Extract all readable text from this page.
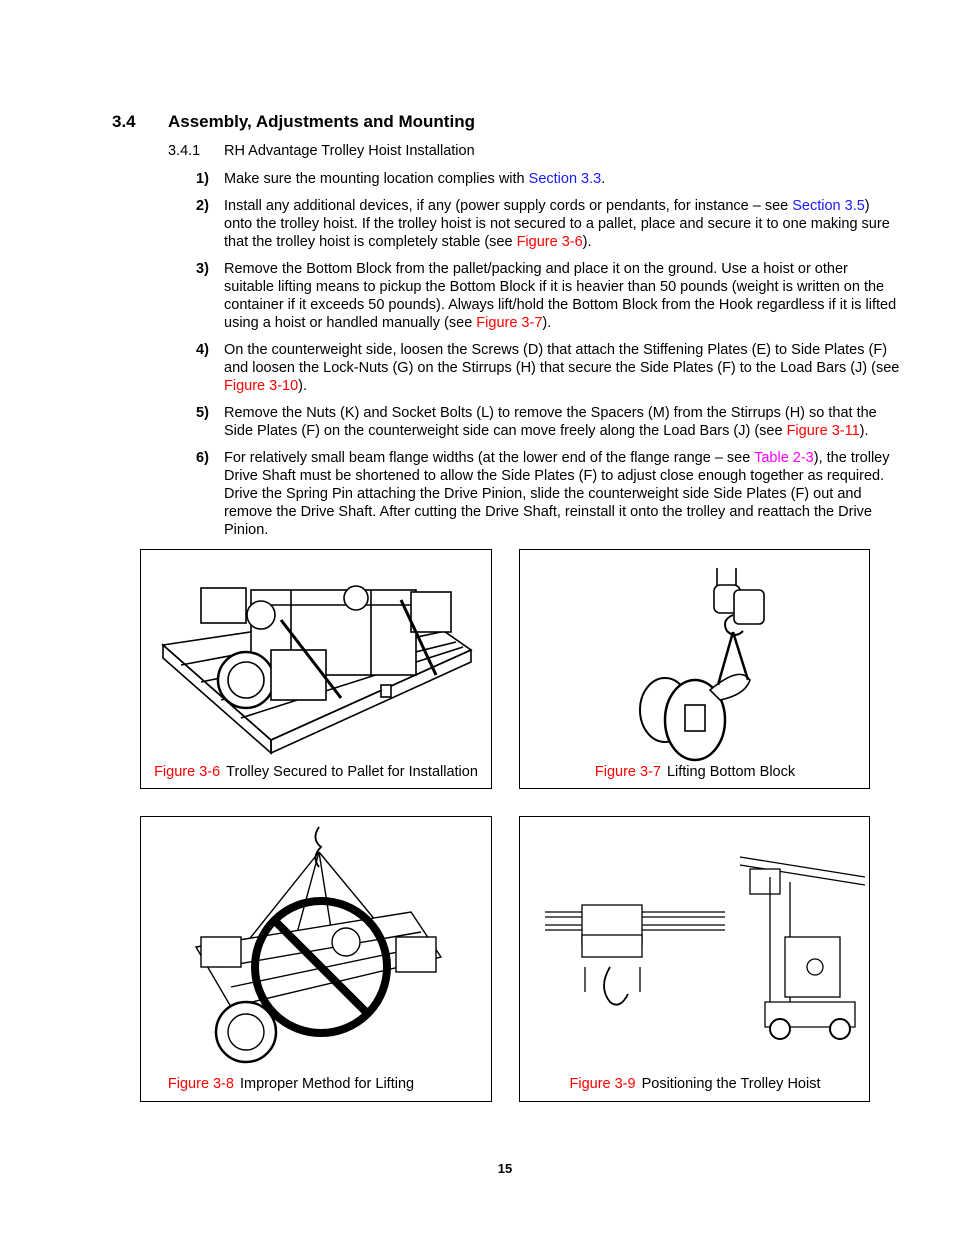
3.4 Assembly, Adjustments and Mounting
3.4.1 RH Advantage Trolley Hoist Installation
1) Make sure the mounting location complies with Section 3.3.
2) Install any additional devices, if any (power supply cords or pendants, for instance – see Section 3.5) onto the trolley hoist. If the trolley hoist is not secured to a pallet, place and secure it to one making sure that the trolley hoist is completely stable (see Figure 3-6).
3) Remove the Bottom Block from the pallet/packing and place it on the ground. Use a hoist or other suitable lifting means to pickup the Bottom Block if it is heavier than 50 pounds (weight is written on the container if it exceeds 50 pounds). Always lift/hold the Bottom Block from the Hook regardless if it is lifted using a hoist or handled manually (see Figure 3-7).
4) On the counterweight side, loosen the Screws (D) that attach the Stiffening Plates (E) to Side Plates (F) and loosen the Lock-Nuts (G) on the Stirrups (H) that secure the Side Plates (F) to the Load Bars (J) (see Figure 3-10).
5) Remove the Nuts (K) and Socket Bolts (L) to remove the Spacers (M) from the Stirrups (H) so that the Side Plates (F) on the counterweight side can move freely along the Load Bars (J) (see Figure 3-11).
6) For relatively small beam flange widths (at the lower end of the flange range – see Table 2-3), the trolley Drive Shaft must be shortened to allow the Side Plates (F) to adjust close enough together as required. Drive the Spring Pin attaching the Drive Pinion, slide the counterweight side Side Plates (F) out and remove the Drive Shaft. After cutting the Drive Shaft, reinstall it onto the trolley and reattach the Drive Pinion.
Figure 3-6 Trolley Secured to Pallet for Installation	Figure 3-7 Lifting Bottom Block
Figure 3-8 Improper Method for Lifting	Figure 3-9 Positioning the Trolley Hoist
15
